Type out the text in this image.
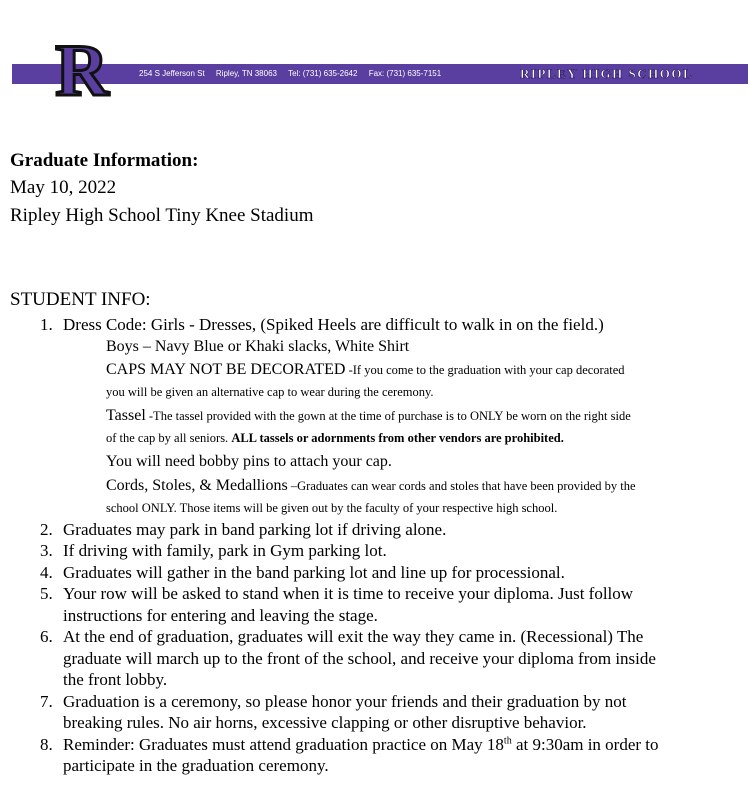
R	254 S Jefferson St Ripley, TN 38063 Tel: (731) 635-2642 Fax: (731) 635-7151	RIPLEY HIGH SCHOOL
Graduate Information:
May 10, 2022
Ripley High School Tiny Knee Stadium
STUDENT INFO:
1. Dress Code: Girls - Dresses, (Spiked Heels are difficult to walk in on the field.)
Boys – Navy Blue or Khaki slacks, White Shirt
CAPS MAY NOT BE DECORATED -If you come to the graduation with your cap decorated
you will be given an alternative cap to wear during the ceremony.
Tassel -The tassel provided with the gown at the time of purchase is to ONLY be worn on the right side
of the cap by all seniors. ALL tassels or adornments from other vendors are prohibited.
You will need bobby pins to attach your cap.
Cords, Stoles, & Medallions –Graduates can wear cords and stoles that have been provided by the
school ONLY. Those items will be given out by the faculty of your respective high school.
2. Graduates may park in band parking lot if driving alone.
3. If driving with family, park in Gym parking lot.
4. Graduates will gather in the band parking lot and line up for processional.
5. Your row will be asked to stand when it is time to receive your diploma. Just follow
instructions for entering and leaving the stage.
6. At the end of graduation, graduates will exit the way they came in. (Recessional) The
graduate will march up to the front of the school, and receive your diploma from inside
the front lobby.
7. Graduation is a ceremony, so please honor your friends and their graduation by not
breaking rules. No air horns, excessive clapping or other disruptive behavior.
8. Reminder: Graduates must attend graduation practice on May 18th at 9:30am in order to
participate in the graduation ceremony.
